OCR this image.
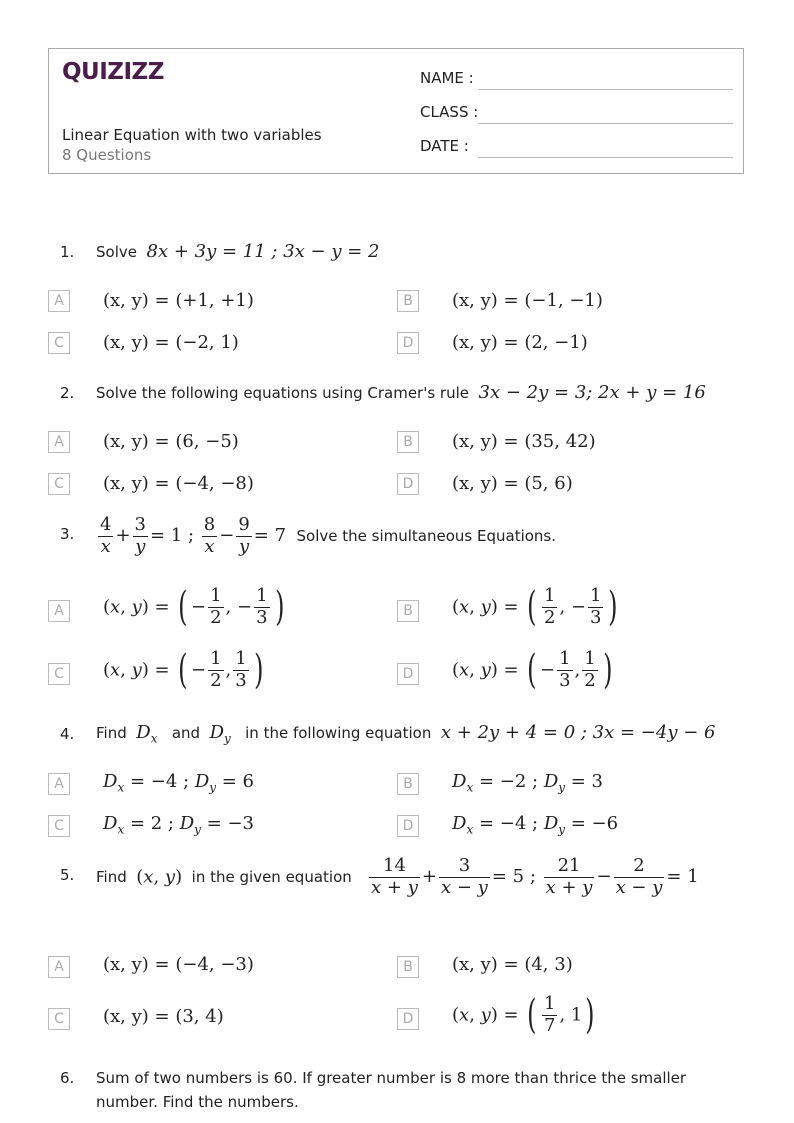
QUIZIZZ
Linear Equation with two variables
8 Questions
NAME :
CLASS :
DATE :
1. Solve 8x + 3y = 11 ; 3x − y = 2
A	(x, y) = (+1, +1)	B	(x, y) = (−1, −1)
C	(x, y) = (−2, 1)	D	(x, y) = (2, −1)
2. Solve the following equations using Cramer's rule 3x − 2y = 3; 2x + y = 16
A	(x, y) = (6, −5)	B	(x, y) = (35, 42)
C	(x, y) = (−4, −8)	D	(x, y) = (5, 6)
3. $\frac{4}{x} + \frac{3}{y} = 1$ ; $\frac{8}{x} - \frac{9}{y} = 7$  Solve the simultaneous Equations.
A	(x, y) = ( − $\frac{1}{2}$ , − $\frac{1}{3}$ )	B	(x, y) = ( $\frac{1}{2}$ , − $\frac{1}{3}$ )
C	(x, y) = ( − $\frac{1}{2}$ , $\frac{1}{3}$ )	D	(x, y) = ( − $\frac{1}{3}$ , $\frac{1}{2}$ )
4. Find $D_x$ and $D_y$ in the following equation x + 2y + 4 = 0 ; 3x = −4y − 6
A	$D_x = -4$ ; $D_y = 6$	B	$D_x = -2$ ; $D_y = 3$
C	$D_x = 2$ ; $D_y = -3$	D	$D_x = -4$ ; $D_y = -6$
5. Find (x, y) in the given equation $\frac{14}{x + y} + \frac{3}{x - y} = 5$ ; $\frac{21}{x + y} - \frac{2}{x - y} = 1$
A	(x, y) = (−4, −3)	B	(x, y) = (4, 3)
C	(x, y) = (3, 4)	D	(x, y) = ( $\frac{1}{7}$ , 1)
6. Sum of two numbers is 60. If greater number is 8 more than thrice the smaller number. Find the numbers.
